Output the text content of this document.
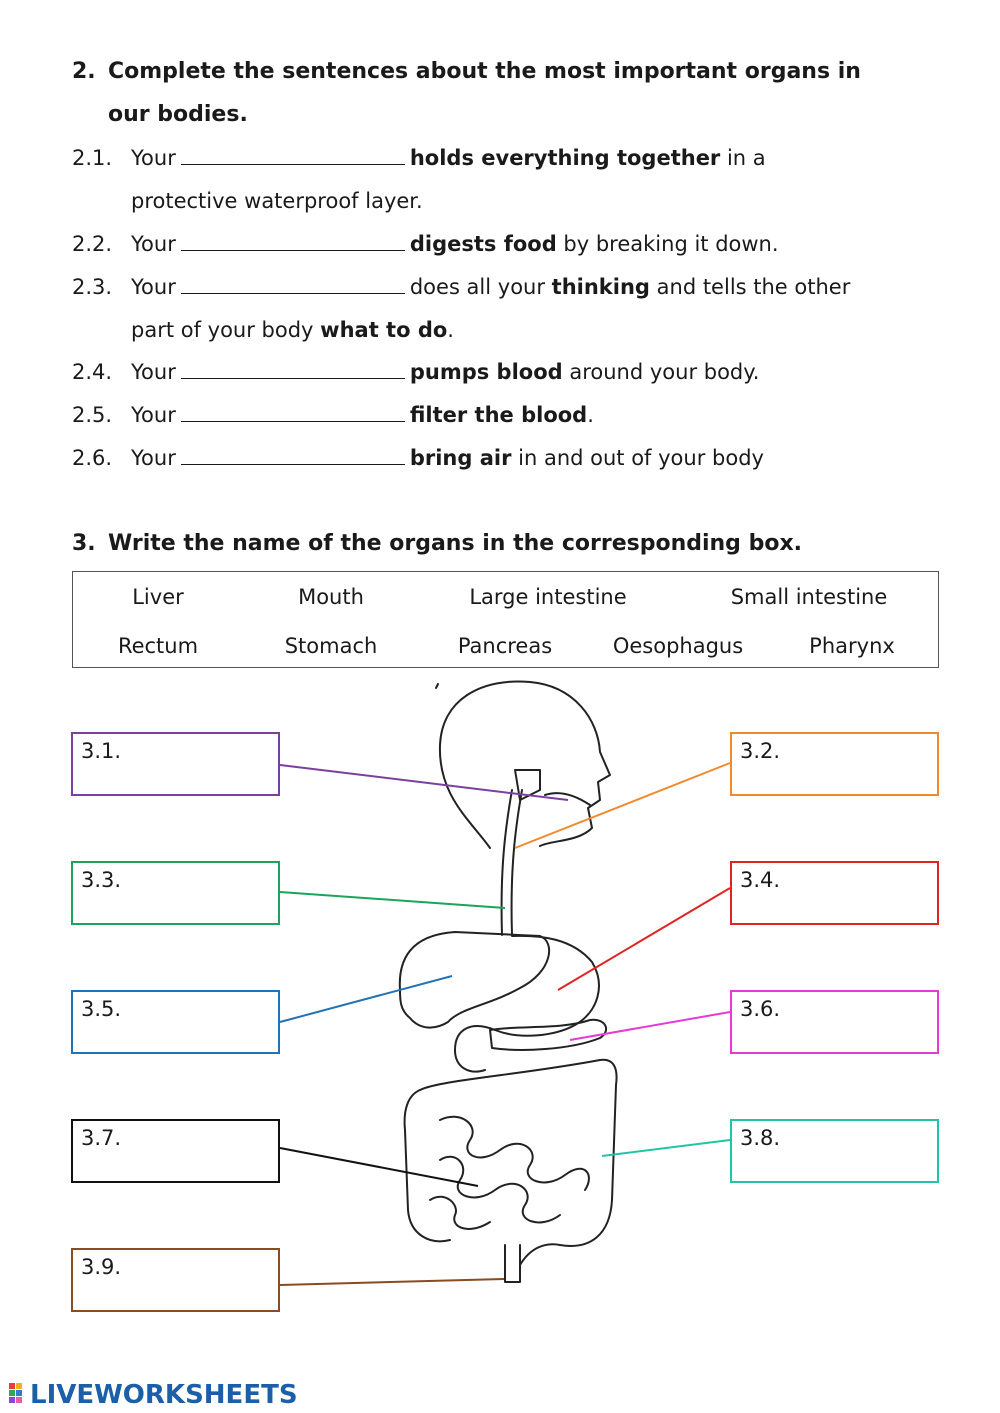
2. Complete the sentences about the most important organs in
our bodies.
2.1. Your	holds everything together in a
protective waterproof layer.
2.2. Your	digests food by breaking it down.
2.3. Your	does all your thinking and tells the other
part of your body what to do.
2.4. Your	pumps blood around your body.
2.5. Your	filter the blood.
2.6. Your	bring air in and out of your body
3. Write the name of the organs in the corresponding box.
Liver	Mouth	Large intestine	Small intestine
Rectum	Stomach	Pancreas	Oesophagus	Pharynx
3.1.	3.2.
3.3.	3.4.
3.5.	3.6.
3.7.	3.8.
3.9.
LIVEWORKSHEETS
